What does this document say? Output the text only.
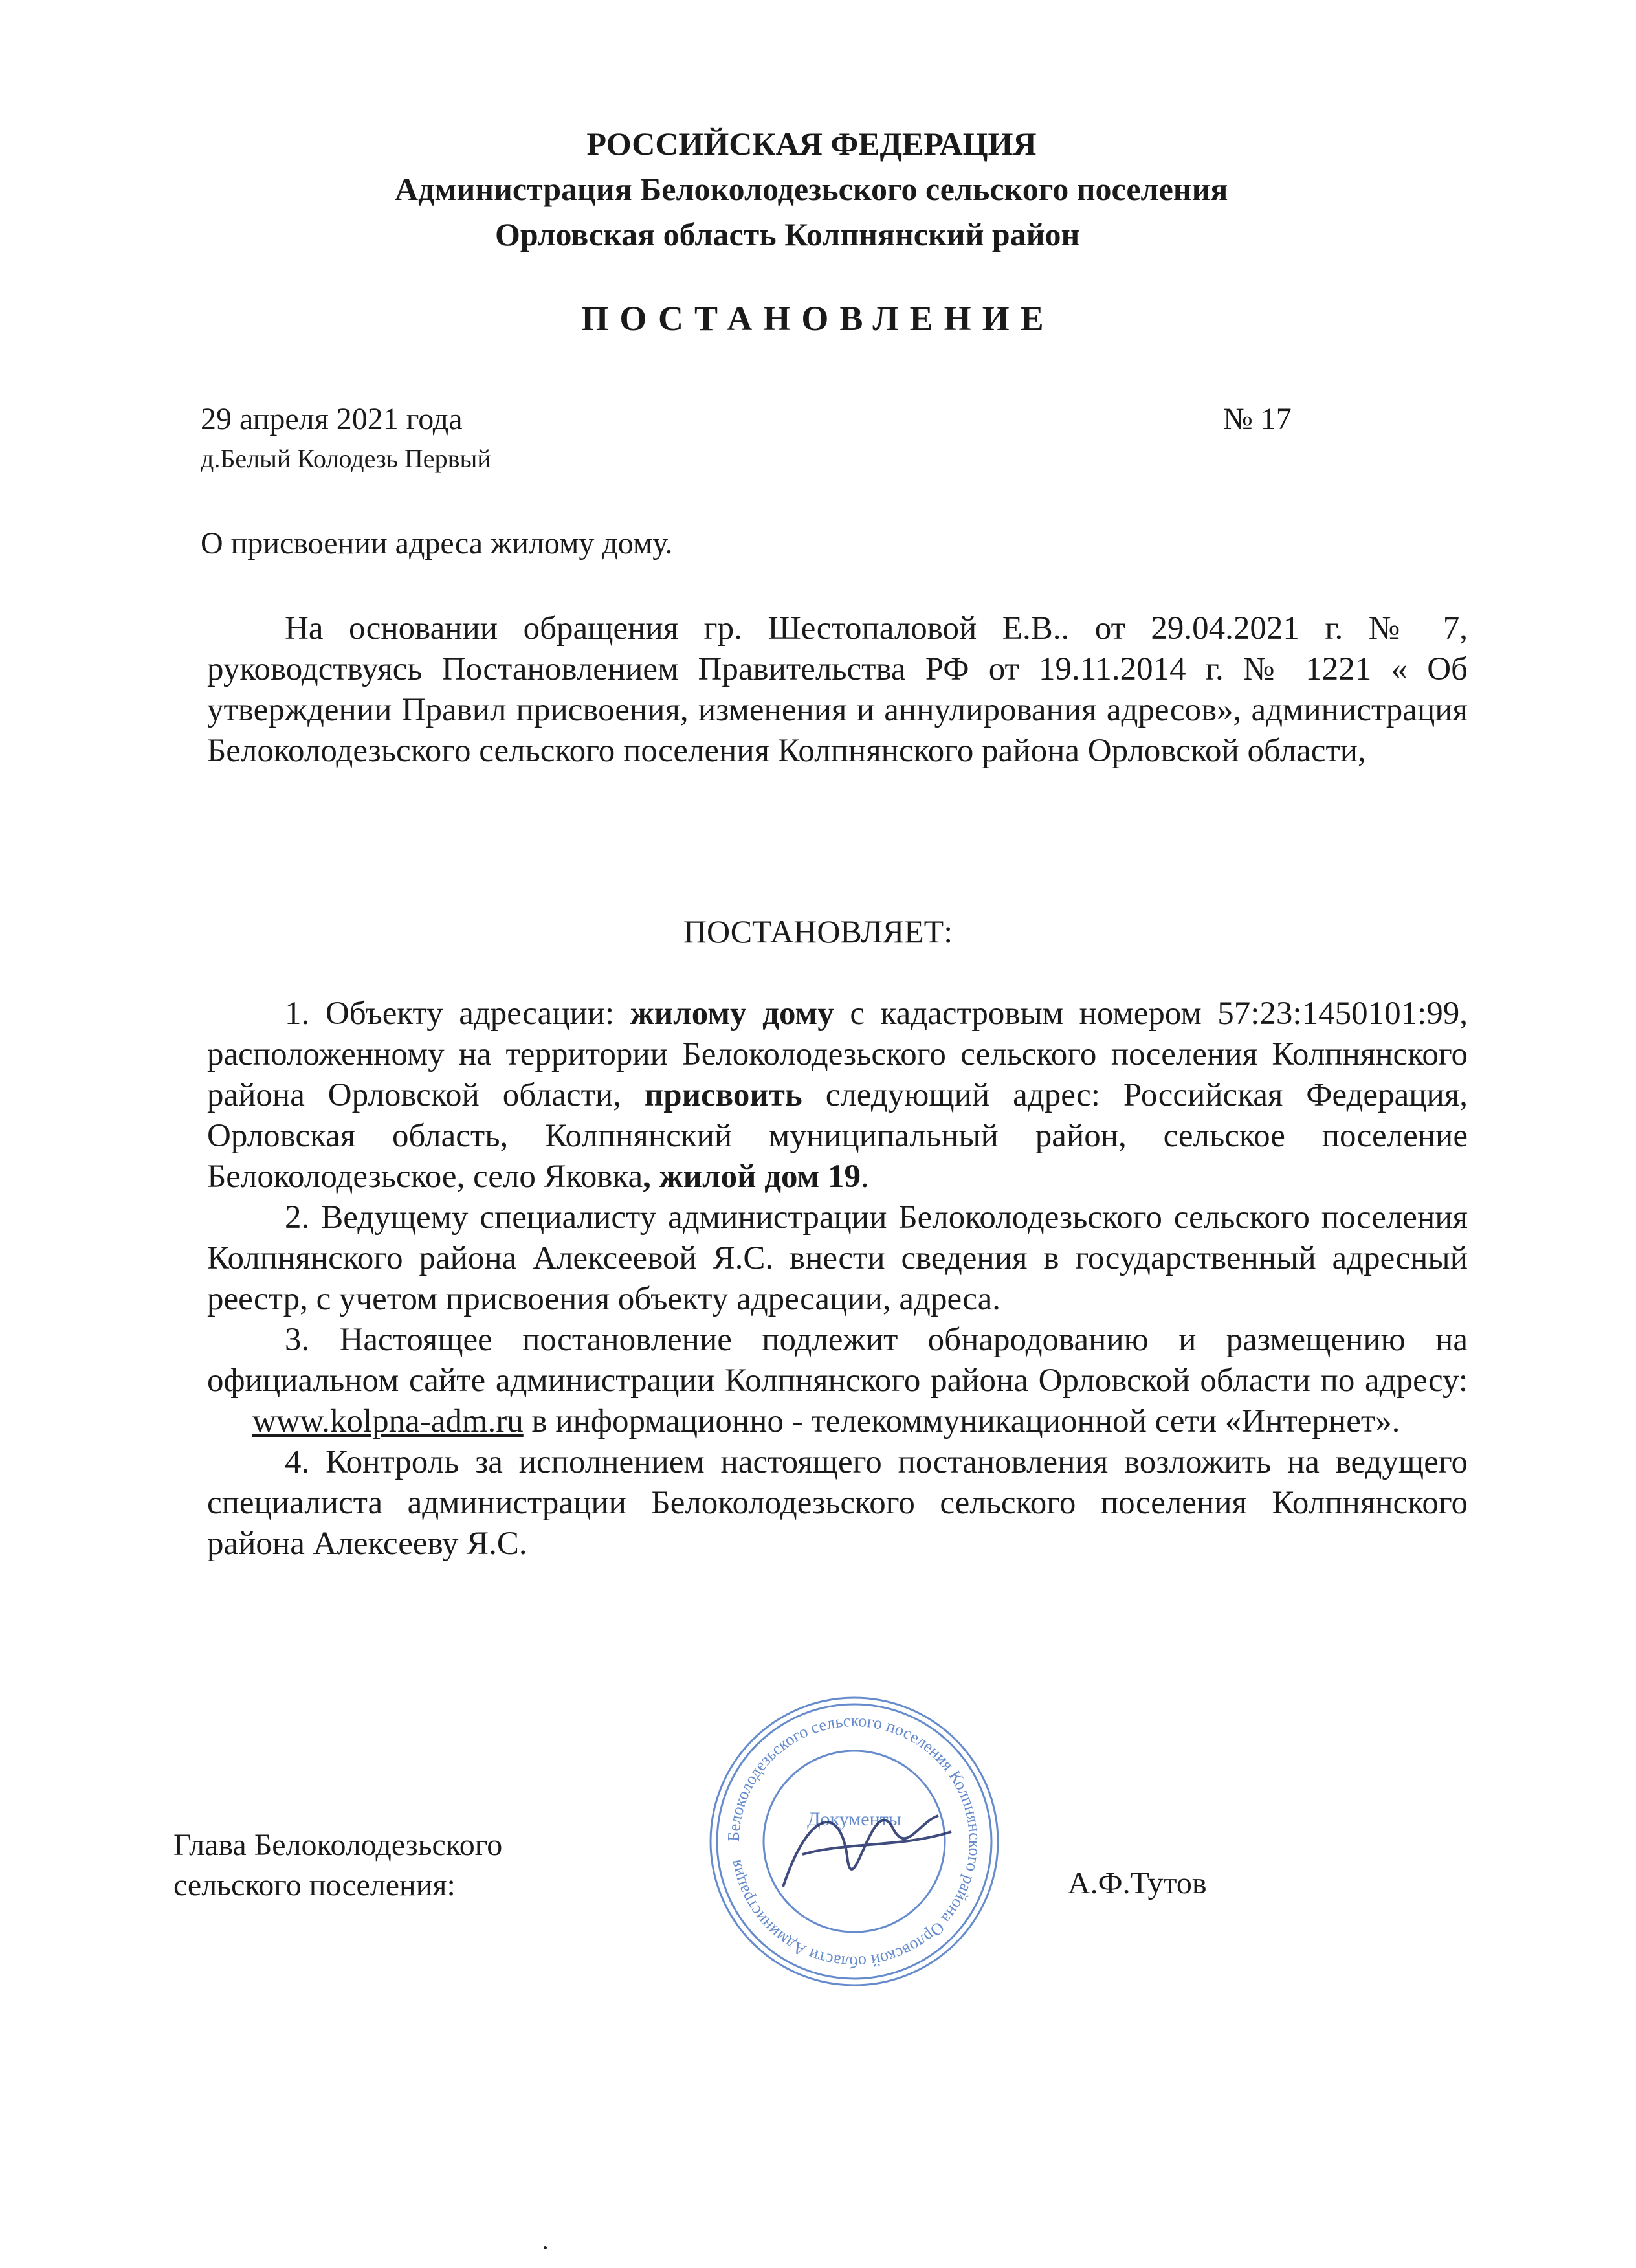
РОССИЙСКАЯ ФЕДЕРАЦИЯ
Администрация Белоколодезьского сельского поселения
Орловская область Колпнянский район
ПОСТАНОВЛЕНИЕ
29 апреля 2021 года	№ 17
д.Белый Колодезь Первый
О присвоении адреса жилому дому.

На основании обращения гр. Шестопаловой Е.В.. от 29.04.2021 г. № 7, руководствуясь Постановлением Правительства РФ от 19.11.2014 г. № 1221 « Об утверждении Правил присвоения, изменения и аннулирования адресов», администрация Белоколодезьского сельского поселения Колпнянского района Орловской области,

ПОСТАНОВЛЯЕТ:

1. Объекту адресации: жилому дому с кадастровым номером 57:23:1450101:99, расположенному на территории Белоколодезьского сельского поселения Колпнянского района Орловской области, присвоить следующий адрес: Российская Федерация, Орловская область, Колпнянский муниципальный район, сельское поселение Белоколодезьское, село Яковка, жилой дом 19.

2. Ведущему специалисту администрации Белоколодезьского сельского поселения Колпнянского района Алексеевой Я.С. внести сведения в государственный адресный реестр, с учетом присвоения объекту адресации, адреса.

3. Настоящее постановление подлежит обнародованию и размещению на официальном сайте администрации Колпнянского района Орловской области по адресу:www.kolpna-adm.ru в информационно - телекоммуникационной сети «Интернет».

4. Контроль за исполнением настоящего постановления возложить на ведущего специалиста администрации Белоколодезьского сельского поселения Колпнянского района Алексееву Я.С.

Глава Белоколодезьского
сельского поселения:	А.Ф.Тутов
Белоколодезьского сельского поселения Колпнянского района Орловской области Администрация
Документы
